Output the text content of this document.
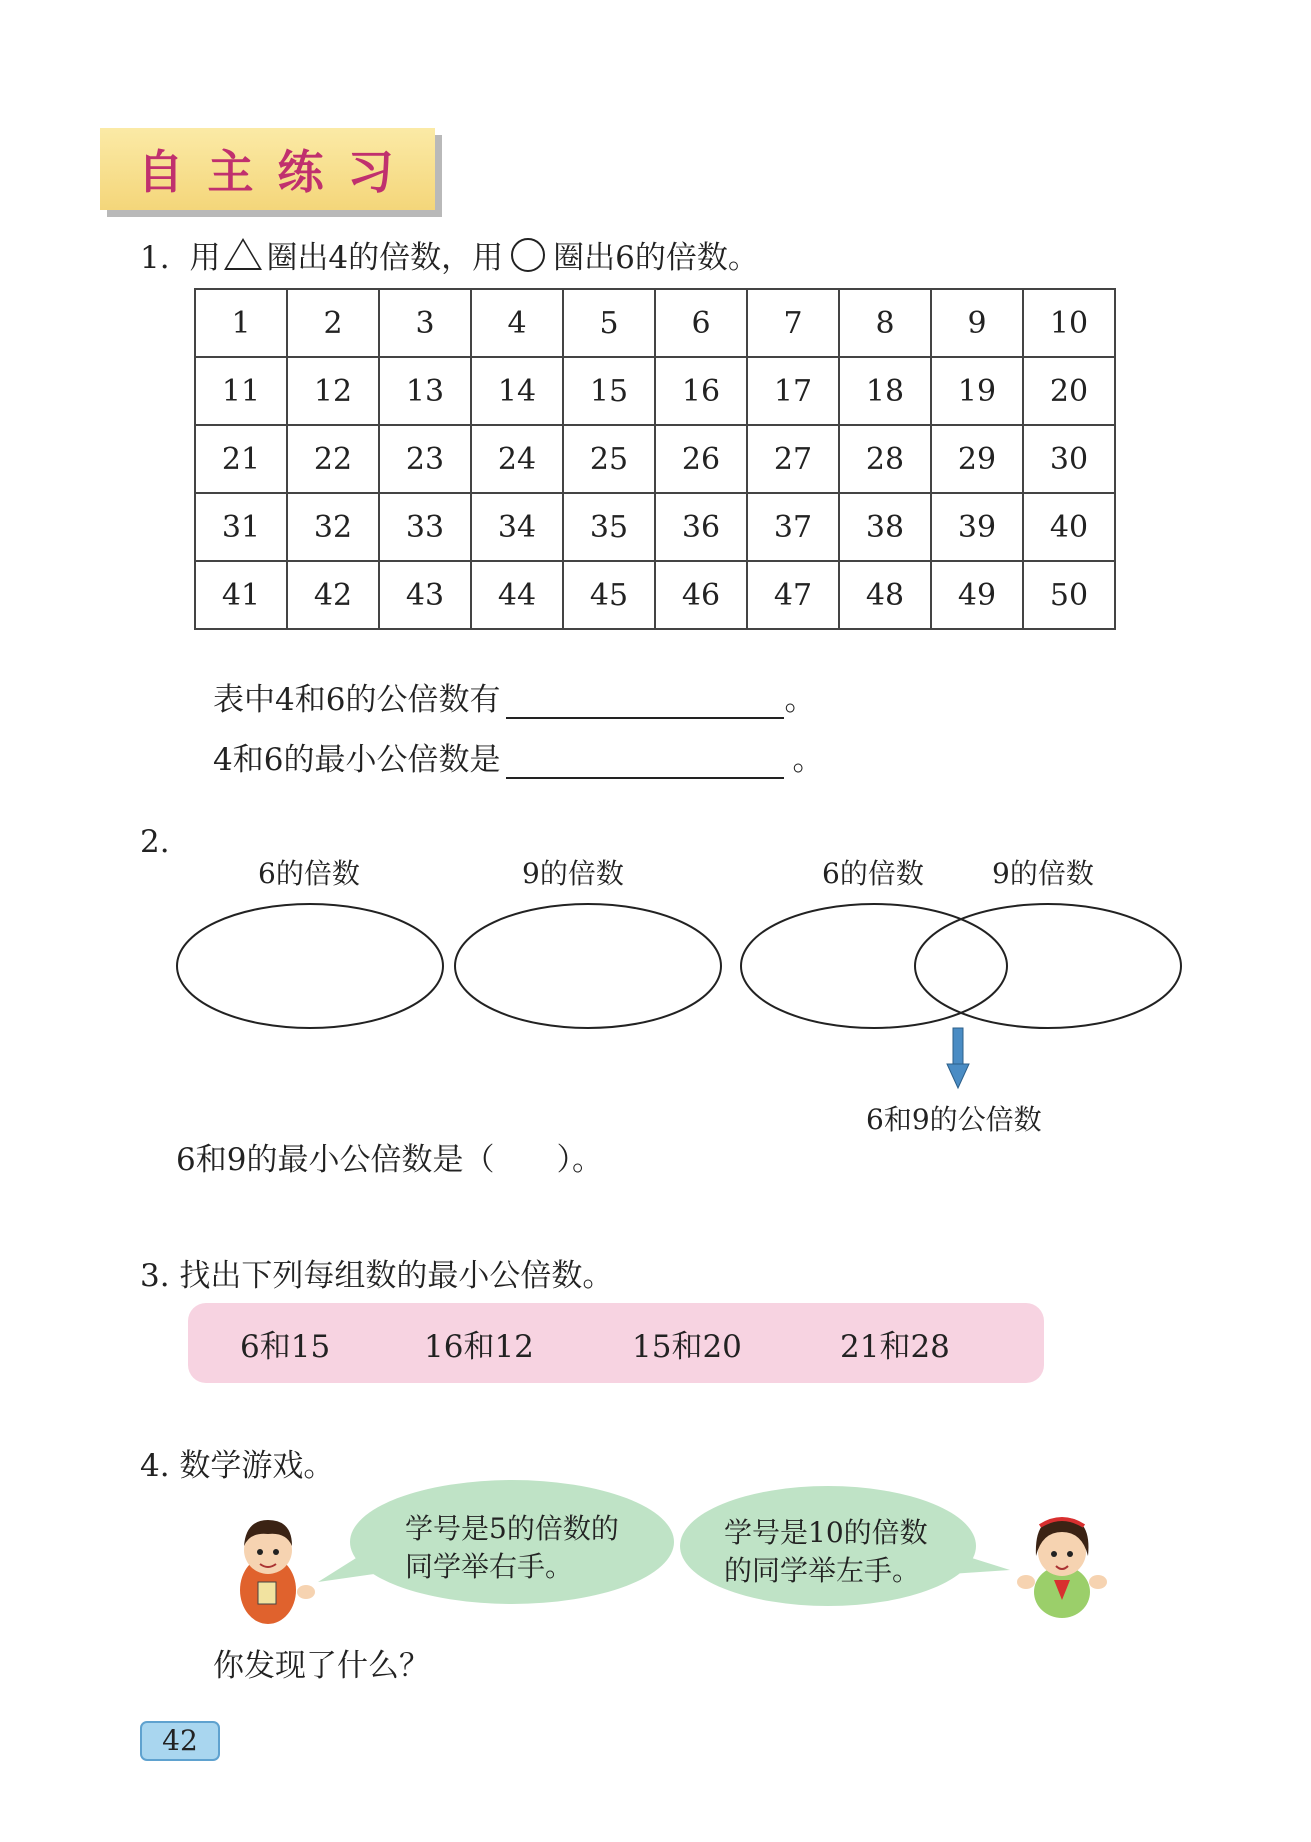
自主练习
1. 用 圈出4的倍数，用 圈出6的倍数。
1	2	3	4	5	6	7	8	9	10
11	12	13	14	15	16	17	18	19	20
21	22	23	24	25	26	27	28	29	30
31	32	33	34	35	36	37	38	39	40
41	42	43	44	45	46	47	48	49	50
表中4和6的公倍数有	。
4和6的最小公倍数是	。
2.
6的倍数	9的倍数	6的倍数 9的倍数
6和9的公倍数
6和9的最小公倍数是（　　）。
3. 找出下列每组数的最小公倍数。
6和15	16和12	15和20	21和28
4. 数学游戏。
学号是5的倍数的
同学举右手。
学号是10的倍数
的同学举左手。
你发现了什么？
42
